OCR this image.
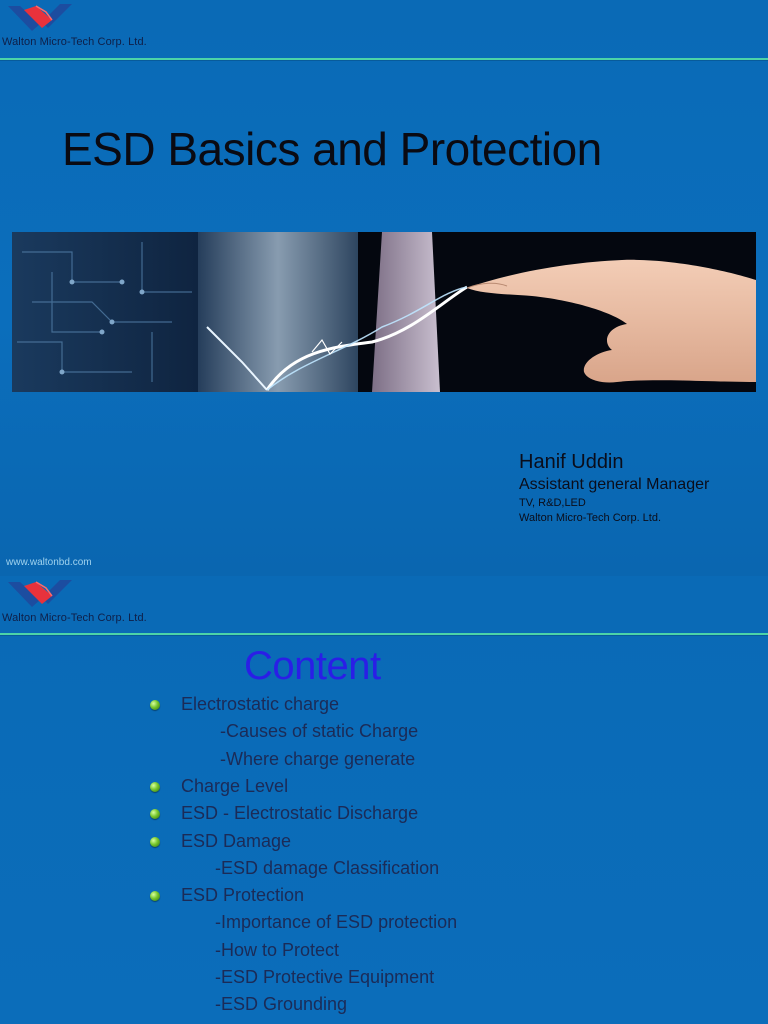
Walton Micro-Tech Corp. Ltd.
ESD Basics and Protection
Hanif Uddin
Assistant general Manager
TV, R&D,LED
Walton Micro-Tech Corp. Ltd.
www.waltonbd.com
Walton Micro-Tech Corp. Ltd.
Content
Electrostatic charge
-Causes of static Charge
-Where charge generate
Charge Level
ESD - Electrostatic Discharge
ESD Damage
-ESD damage Classification
ESD Protection
-Importance of ESD protection
-How to Protect
-ESD Protective Equipment
-ESD Grounding
